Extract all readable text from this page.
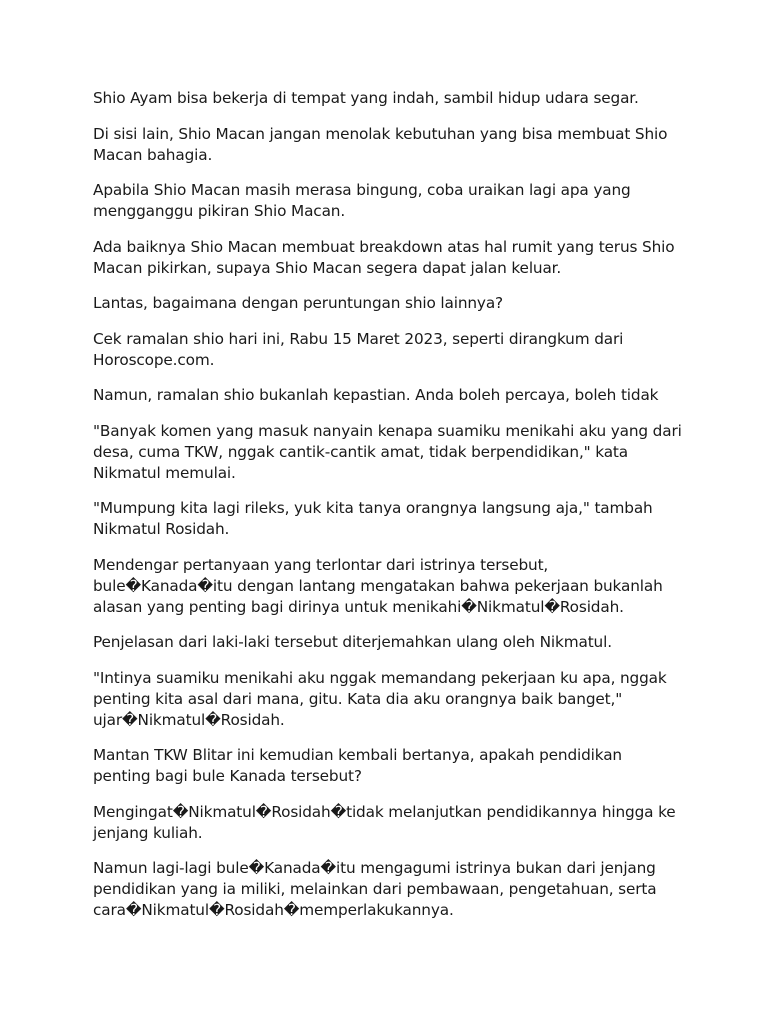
Shio Ayam bisa bekerja di tempat yang indah, sambil hidup udara segar.

Di sisi lain, Shio Macan jangan menolak kebutuhan yang bisa membuat Shio Macan bahagia.

Apabila Shio Macan masih merasa bingung, coba uraikan lagi apa yang mengganggu pikiran Shio Macan.

Ada baiknya Shio Macan membuat breakdown atas hal rumit yang terus Shio Macan pikirkan, supaya Shio Macan segera dapat jalan keluar.

Lantas, bagaimana dengan peruntungan shio lainnya?

Cek ramalan shio hari ini, Rabu 15 Maret 2023, seperti dirangkum dari Horoscope.com.

Namun, ramalan shio bukanlah kepastian. Anda boleh percaya, boleh tidak

"Banyak komen yang masuk nanyain kenapa suamiku menikahi aku yang dari desa, cuma TKW, nggak cantik-cantik amat, tidak berpendidikan," kata Nikmatul memulai.

"Mumpung kita lagi rileks, yuk kita tanya orangnya langsung aja," tambah Nikmatul Rosidah.

Mendengar pertanyaan yang terlontar dari istrinya tersebut, bule�Kanada�itu dengan lantang mengatakan bahwa pekerjaan bukanlah alasan yang penting bagi dirinya untuk menikahi�Nikmatul�Rosidah.

Penjelasan dari laki-laki tersebut diterjemahkan ulang oleh Nikmatul.

"Intinya suamiku menikahi aku nggak memandang pekerjaan ku apa, nggak penting kita asal dari mana, gitu. Kata dia aku orangnya baik banget," ujar�Nikmatul�Rosidah.

Mantan TKW Blitar ini kemudian kembali bertanya, apakah pendidikan penting bagi bule Kanada tersebut?

Mengingat�Nikmatul�Rosidah�tidak melanjutkan pendidikannya hingga ke jenjang kuliah.

Namun lagi-lagi bule�Kanada�itu mengagumi istrinya bukan dari jenjang pendidikan yang ia miliki, melainkan dari pembawaan, pengetahuan, serta cara�Nikmatul�Rosidah�memperlakukannya.
